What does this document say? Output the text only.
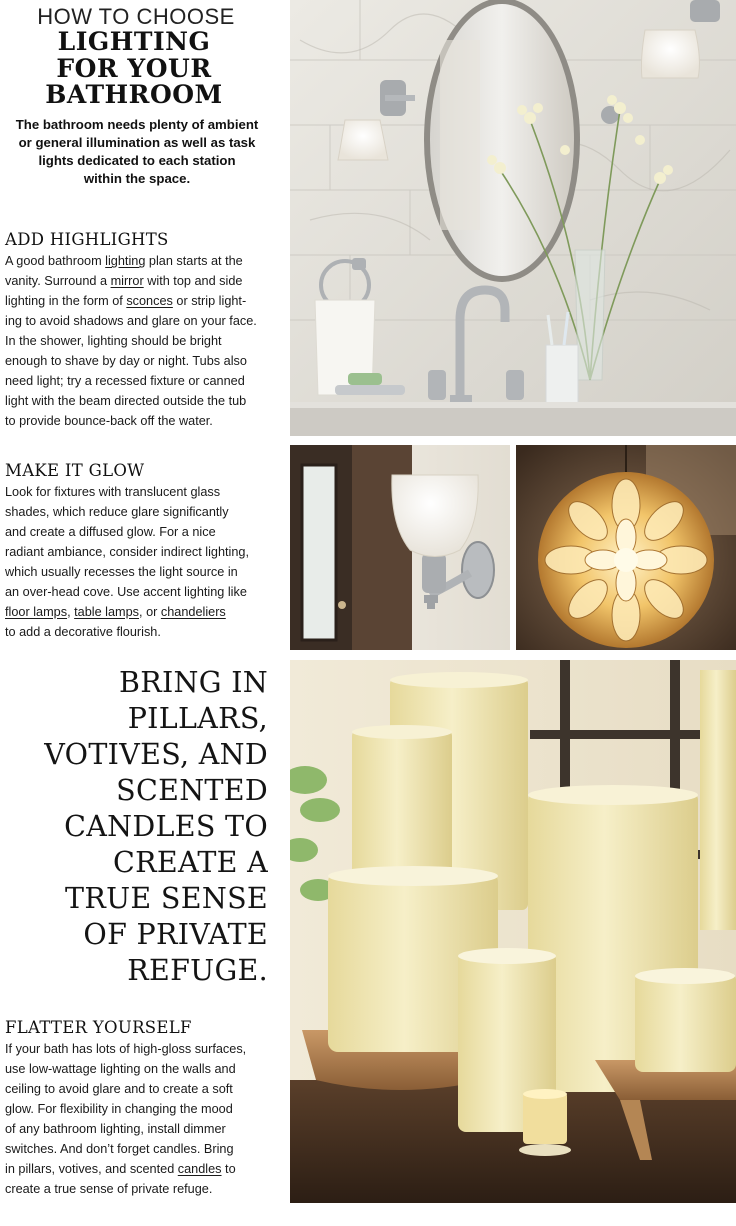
HOW TO CHOOSE
LIGHTING
FOR YOUR
BATHROOM
The bathroom needs plenty of ambient
or general illumination as well as task
lights dedicated to each station
within the space.
ADD HIGHLIGHTS
A good bathroom lighting plan starts at the
vanity. Surround a mirror with top and side
lighting in the form of sconces or strip light-
ing to avoid shadows and glare on your face.
In the shower, lighting should be bright
enough to shave by day or night. Tubs also
need light; try a recessed fixture or canned
light with the beam directed outside the tub
to provide bounce-back off the water.
MAKE IT GLOW
Look for fixtures with translucent glass
shades, which reduce glare significantly
and create a diffused glow. For a nice
radiant ambiance, consider indirect lighting,
which usually recesses the light source in
an over-head cove. Use accent lighting like
floor lamps, table lamps, or chandeliers
to add a decorative flourish.
BRING IN
PILLARS,
VOTIVES, AND
SCENTED
CANDLES TO
CREATE A
TRUE SENSE
OF PRIVATE
REFUGE.
FLATTER YOURSELF
If your bath has lots of high-gloss surfaces,
use low-wattage lighting on the walls and
ceiling to avoid glare and to create a soft
glow. For flexibility in changing the mood
of any bathroom lighting, install dimmer
switches. And don’t forget candles. Bring
in pillars, votives, and scented candles to
create a true sense of private refuge.
